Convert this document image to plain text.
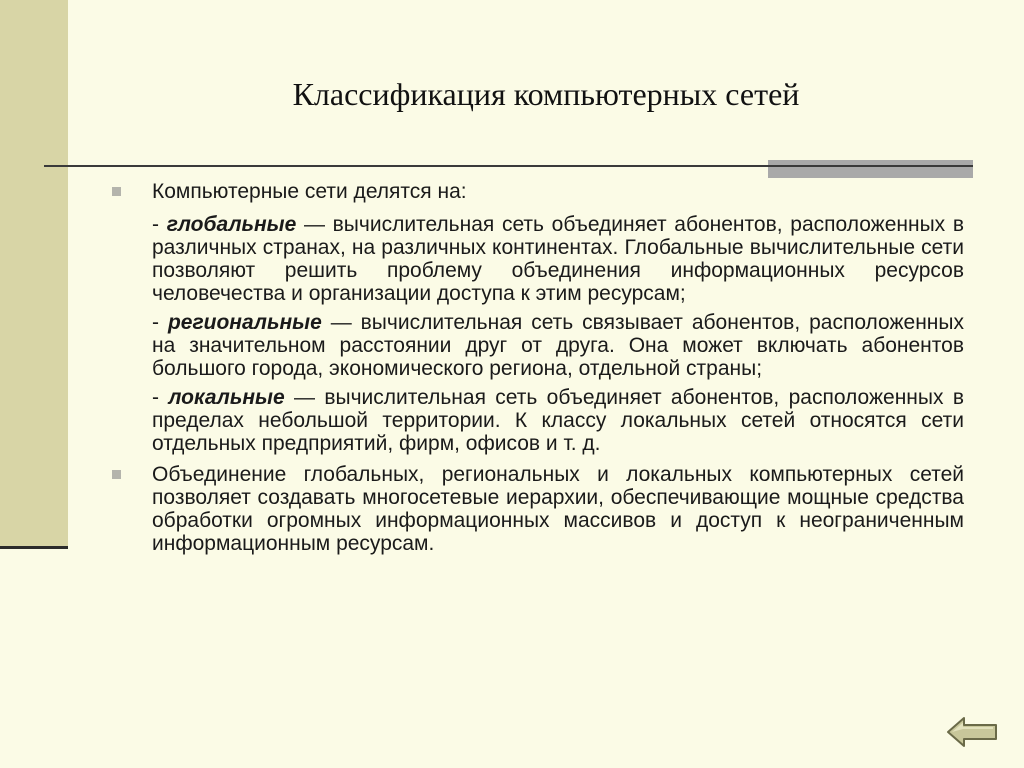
Классификация компьютерных сетей
Компьютерные сети делятся на:
- глобальные — вычислительная сеть объединяет абонентов, расположенных в различных странах, на различных континентах. Глобальные вычислительные сети позволяют решить проблему объединения информационных ресурсов человечества и организации доступа к этим ресурсам;
- региональные — вычислительная сеть связывает абонентов, расположенных на значительном расстоянии друг от друга. Она может включать абонентов большого города, экономического региона, отдельной страны;
- локальные — вычислительная сеть объединяет абонентов, расположенных в пределах небольшой территории. К классу локальных сетей относятся сети отдельных предприятий, фирм, офисов и т. д.
Объединение глобальных, региональных и локальных компьютерных сетей позволяет создавать многосетевые иерархии, обеспечивающие мощные средства обработки огромных информационных массивов и доступ к неограниченным информационным ресурсам.
